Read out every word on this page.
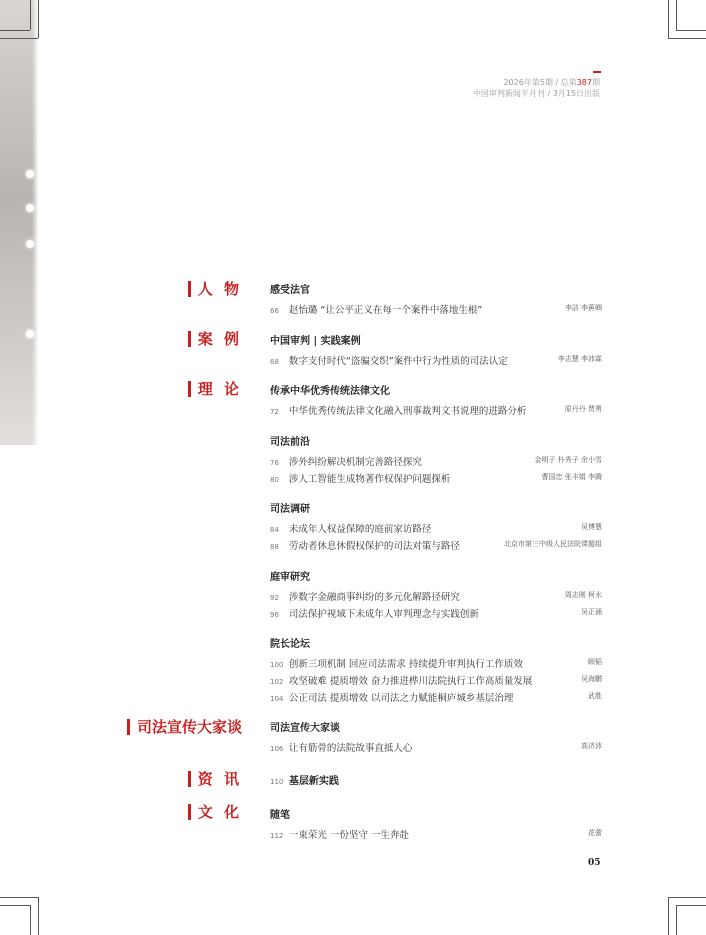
2026年第5期 / 总第387期
中国审判新闻半月刊 / 3月15日出版
人 物
案 例
理 论
司法宣传大家谈
资 讯
文 化
感受法官
66 赵怡璐 “让公平正义在每一个案件中落地生根”	李洁 李蕉卿
中国审判 | 实践案例
68 数字支付时代“盗骗交织”案件中行为性质的司法认定	李志慧 李沛霖
传承中华优秀传统法律文化
72 中华优秀传统法律文化融入刑事裁判文书说理的进路分析	原丹丹 贾勇
司法前沿
76 涉外纠纷解决机制完善路径探究	金明子 朴秀子 余小雪
80 涉人工智能生成物著作权保护问题探析	曹国忠 张丰娟 李腾
司法调研
84 未成年人权益保障的庭前家访路径	吴博慧
88 劳动者休息休假权保护的司法对策与路径	北京市第三中级人民法院课题组
庭审研究
92 涉数字金融商事纠纷的多元化解路径研究	周志刚 柯水
96 司法保护视域下未成年人审判理念与实践创新	吴正涌
院长论坛
100 创新三项机制 回应司法需求 持续提升审判执行工作质效	顾韬
102 攻坚破难 提质增效 奋力推进桦川法院执行工作高质量发展	吴海鹏
104 公正司法 提质增效 以司法之力赋能桐庐城乡基层治理	武胜
司法宣传大家谈
106 让有筋骨的法院故事直抵人心	高济沛
110 基层新实践
随笔
112 一束荣光 一份坚守 一生奔赴	花蕾
05
